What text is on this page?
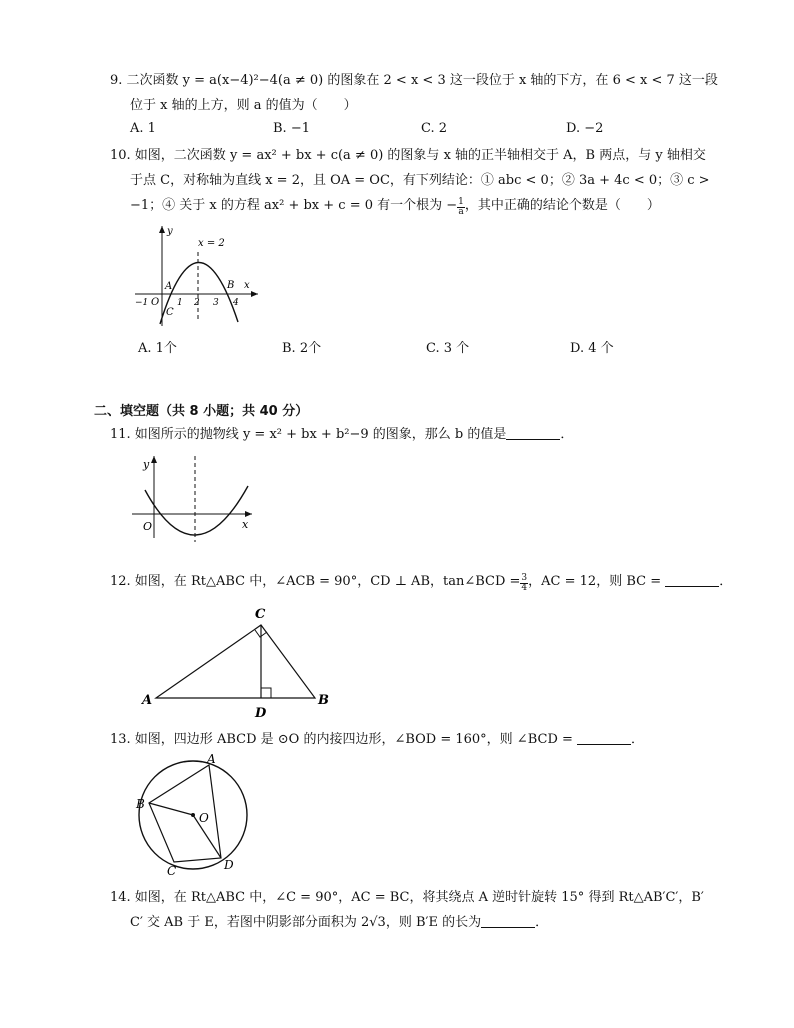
9. 二次函数 y = a(x−4)²−4(a ≠ 0) 的图象在 2 < x < 3 这一段位于 x 轴的下方，在 6 < x < 7 这一段
位于 x 轴的上方，则 a 的值为（　　）
A. 1	B. −1	C. 2	D. −2
10. 如图，二次函数 y = ax² + bx + c(a ≠ 0) 的图象与 x 轴的正半轴相交于 A，B 两点，与 y 轴相交
于点 C，对称轴为直线 x = 2，且 OA = OC，有下列结论：① abc < 0；② 3a + 4c < 0；③ c >
−1；④ 关于 x 的方程 ax² + bx + c = 0 有一个根为 − $\frac{1}{a}$ ，其中正确的结论个数是（　　）
x = 2
y
x
A	B
C
O
−1	1 2 3 4
A. 1个	B. 2个	C. 3 个	D. 4 个
二、填空题（共 8 小题；共 40 分）
11. 如图所示的抛物线 y = x² + bx + b²−9 的图象，那么 b 的值是	．
y
x
O
12. 如图，在 Rt△ABC 中，∠ACB = 90°，CD ⊥ AB，tan∠BCD = $\frac{3}{4}$ ，AC = 12，则 BC =	．
A	B
C
D
13. 如图，四边形 ABCD 是 ⊙O 的内接四边形，∠BOD = 160°，则 ∠BCD =	．
A
B
C	D
O
14. 如图，在 Rt△ABC 中，∠C = 90°，AC = BC，将其绕点 A 逆时针旋转 15° 得到 Rt△AB′C′，B′
C′ 交 AB 于 E，若图中阴影部分面积为 2√3，则 B′E 的长为	．
